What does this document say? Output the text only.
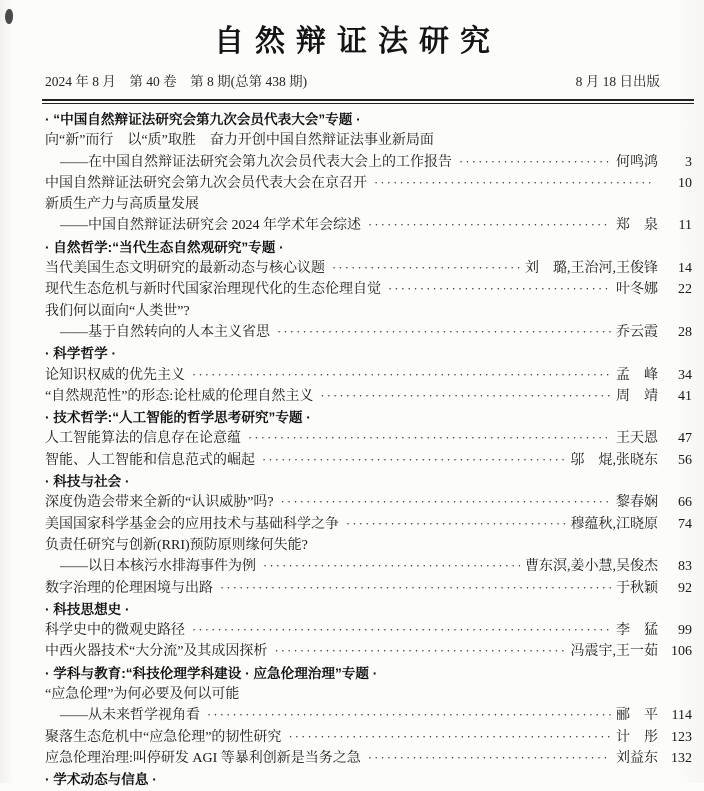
自然辩证法研究
2024 年 8 月　第 40 卷　第 8 期(总第 438 期)	8 月 18 日出版
· “中国自然辩证法研究会第九次会员代表大会”专题 ·
向“新”而行　以“质”取胜　奋力开创中国自然辩证法事业新局面
——在中国自然辩证法研究会第九次会员代表大会上的工作报告 ·····	何鸣鸿	3
中国自然辩证法研究会第九次会员代表大会在京召开 ·····	10
新质生产力与高质量发展
——中国自然辩证法研究会 2024 年学术年会综述 ·····	郑　泉	11
· 自然哲学:“当代生态自然观研究”专题 ·
当代美国生态文明研究的最新动态与核心议题 ·····	刘　璐,王治河,王俊锋	14
现代生态危机与新时代国家治理现代化的生态伦理自觉 ·····	叶冬娜	22
我们何以面向“人类世”?
——基于自然转向的人本主义省思 ·····	乔云霞	28
· 科学哲学 ·
论知识权威的优先主义 ·····	孟　峰	34
“自然规范性”的形态:论杜威的伦理自然主义 ·····	周　靖	41
· 技术哲学:“人工智能的哲学思考研究”专题 ·
人工智能算法的信息存在论意蕴 ·····	王天恩	47
智能、人工智能和信息范式的崛起 ·····	邬　焜,张晓东	56
· 科技与社会 ·
深度伪造会带来全新的“认识威胁”吗? ·····	黎春娴	66
美国国家科学基金会的应用技术与基础科学之争 ·····	穆蕴秋,江晓原	74
负责任研究与创新(RRI)预防原则缘何失能?
——以日本核污水排海事件为例 ·····	曹东溟,姜小慧,吴俊杰	83
数字治理的伦理困境与出路 ·····	于秋颖	92
· 科技思想史 ·
科学史中的微观史路径 ·····	李　猛	99
中西火器技术“大分流”及其成因探析 ·····	冯震宇,王一茹 106
· 学科与教育:“科技伦理学科建设 · 应急伦理治理”专题 ·
“应急伦理”为何必要及何以可能
——从未来哲学视角看 ·····	郦　平 114
聚落生态危机中“应急伦理”的韧性研究 ·····	计　彤 123
应急伦理治理:叫停研发 AGI 等暴利创新是当务之急 ·····	刘益东 132
· 学术动态与信息 ·
